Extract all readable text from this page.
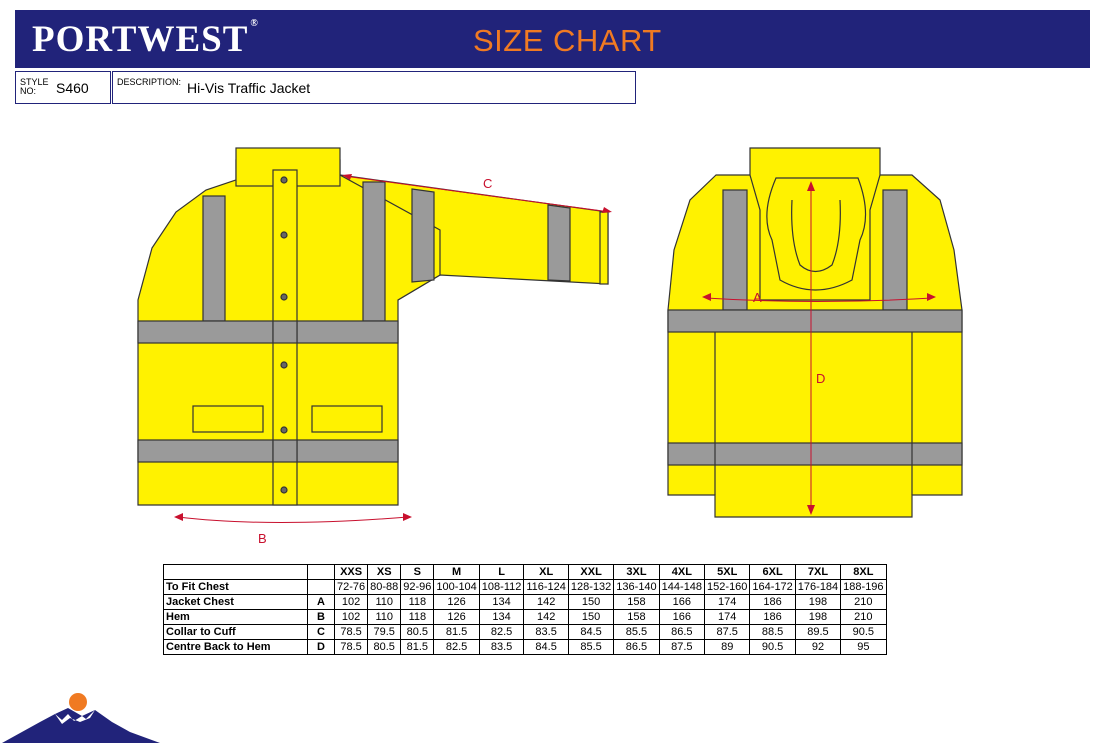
PORTWEST ®	SIZE CHART
STYLE
NO:	S460	DESCRIPTION: Hi-Vis Traffic Jacket
C
B
A
D
		XXS	XS	S	M	L	XL	XXL	3XL	4XL	5XL	6XL	7XL	8XL
To Fit Chest		72-76	80-88	92-96	100-104	108-112	116-124	128-132	136-140	144-148	152-160	164-172	176-184	188-196
Jacket Chest	A	102	110	118	126	134	142	150	158	166	174	186	198	210
Hem	B	102	110	118	126	134	142	150	158	166	174	186	198	210
Collar to Cuff	C	78.5	79.5	80.5	81.5	82.5	83.5	84.5	85.5	86.5	87.5	88.5	89.5	90.5
Centre Back to Hem	D	78.5	80.5	81.5	82.5	83.5	84.5	85.5	86.5	87.5	89	90.5	92	95
